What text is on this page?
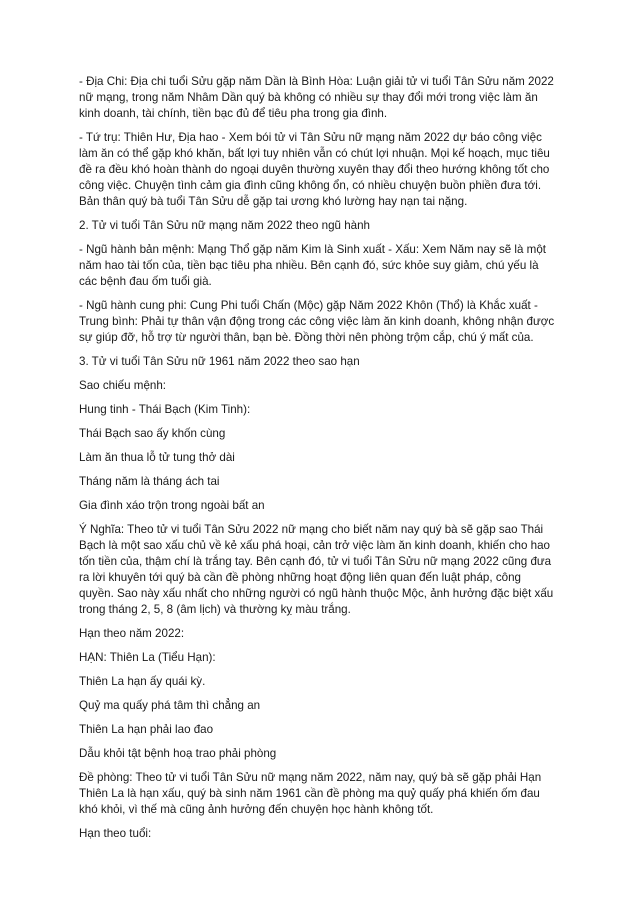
- Địa Chi: Địa chi tuổi Sửu gặp năm Dần là Bình Hòa: Luận giải tử vi tuổi Tân Sửu năm 2022
nữ mạng, trong năm Nhâm Dần quý bà không có nhiều sự thay đổi mới trong việc làm ăn
kinh doanh, tài chính, tiền bạc đủ để tiêu pha trong gia đình.

- Tứ trụ: Thiên Hư, Địa hao - Xem bói tử vi Tân Sửu nữ mạng năm 2022 dự báo công việc
làm ăn có thể gặp khó khăn, bất lợi tuy nhiên vẫn có chút lợi nhuận. Mọi kế hoạch, mục tiêu
đề ra đều khó hoàn thành do ngoại duyên thường xuyên thay đổi theo hướng không tốt cho
công việc. Chuyện tình cảm gia đình cũng không ổn, có nhiều chuyện buồn phiền đưa tới.
Bản thân quý bà tuổi Tân Sửu dễ gặp tai ương khó lường hay nạn tai nặng.

2. Tử vi tuổi Tân Sửu nữ mạng năm 2022 theo ngũ hành

- Ngũ hành bản mệnh: Mạng Thổ gặp năm Kim là Sinh xuất - Xấu: Xem Năm nay sẽ là một
năm hao tài tốn của, tiền bạc tiêu pha nhiều. Bên cạnh đó, sức khỏe suy giảm, chú yếu là
các bệnh đau ốm tuổi già.

- Ngũ hành cung phi: Cung Phi tuổi Chấn (Mộc) gặp Năm 2022 Khôn (Thổ) là Khắc xuất -
Trung bình: Phải tự thân vận động trong các công việc làm ăn kinh doanh, không nhận được
sự giúp đỡ, hỗ trợ từ người thân, bạn bè. Đồng thời nên phòng trộm cắp, chú ý mất của.

3. Tử vi tuổi Tân Sửu nữ 1961 năm 2022 theo sao hạn

Sao chiếu mệnh:

Hung tinh - Thái Bạch (Kim Tinh):

Thái Bạch sao ấy khốn cùng

Làm ăn thua lỗ tử tung thở dài

Tháng năm là tháng ách tai

Gia đình xáo trộn trong ngoài bất an

Ý Nghĩa: Theo tử vi tuổi Tân Sửu 2022 nữ mạng cho biết năm nay quý bà sẽ gặp sao Thái
Bạch là một sao xấu chủ về kẻ xấu phá hoại, cản trở việc làm ăn kinh doanh, khiến cho hao
tốn tiền của, thậm chí là trắng tay. Bên cạnh đó, tử vi tuổi Tân Sửu nữ mạng 2022 cũng đưa
ra lời khuyên tới quý bà cần đề phòng những hoạt động liên quan đến luật pháp, công
quyền. Sao này xấu nhất cho những người có ngũ hành thuộc Mộc, ảnh hưởng đặc biệt xấu
trong tháng 2, 5, 8 (âm lịch) và thường kỵ màu trắng.

Hạn theo năm 2022:

HẠN: Thiên La (Tiểu Hạn):

Thiên La hạn ấy quái kỳ.

Quỷ ma quấy phá tâm thì chẳng an

Thiên La hạn phải lao đao

Dẫu khỏi tật bệnh hoạ trao phải phòng

Đề phòng: Theo tử vi tuổi Tân Sửu nữ mạng năm 2022, năm nay, quý bà sẽ gặp phải Hạn
Thiên La là hạn xấu, quý bà sinh năm 1961 cần đề phòng ma quỷ quấy phá khiến ốm đau
khó khỏi, vì thế mà cũng ảnh hưởng đến chuyện học hành không tốt.

Hạn theo tuổi:
